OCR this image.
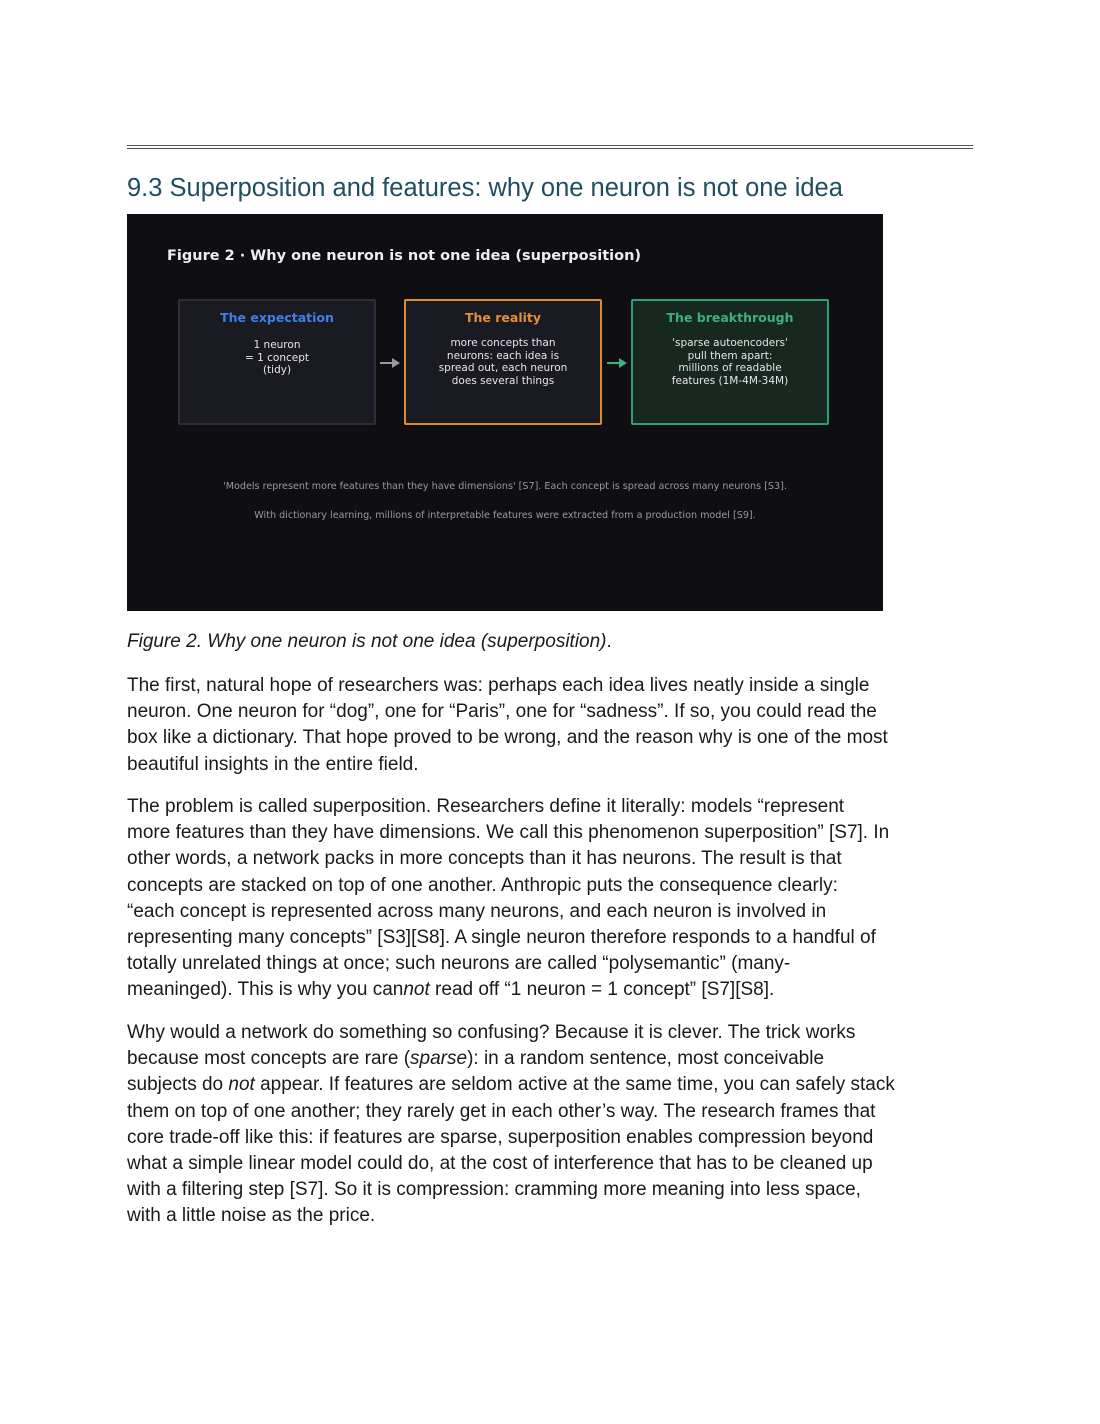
9.3 Superposition and features: why one neuron is not one idea
Figure 2 · Why one neuron is not one idea (superposition)
The expectation
1 neuron
= 1 concept
(tidy)
The reality
more concepts than
neurons: each idea is
spread out, each neuron
does several things
The breakthrough
'sparse autoencoders'
pull them apart:
millions of readable
features (1M-4M-34M)
'Models represent more features than they have dimensions' [S7]. Each concept is spread across many neurons [S3].
With dictionary learning, millions of interpretable features were extracted from a production model [S9].

Figure 2. Why one neuron is not one idea (superposition).

The first, natural hope of researchers was: perhaps each idea lives neatly inside a single
neuron. One neuron for “dog”, one for “Paris”, one for “sadness”. If so, you could read the
box like a dictionary. That hope proved to be wrong, and the reason why is one of the most
beautiful insights in the entire field.

The problem is called superposition. Researchers define it literally: models “represent
more features than they have dimensions. We call this phenomenon superposition” [S7]. In
other words, a network packs in more concepts than it has neurons. The result is that
concepts are stacked on top of one another. Anthropic puts the consequence clearly:
“each concept is represented across many neurons, and each neuron is involved in
representing many concepts” [S3][S8]. A single neuron therefore responds to a handful of
totally unrelated things at once; such neurons are called “polysemantic” (many-
meaninged). This is why you cannot read off “1 neuron = 1 concept” [S7][S8].

Why would a network do something so confusing? Because it is clever. The trick works
because most concepts are rare (sparse): in a random sentence, most conceivable
subjects do not appear. If features are seldom active at the same time, you can safely stack
them on top of one another; they rarely get in each other’s way. The research frames that
core trade-off like this: if features are sparse, superposition enables compression beyond
what a simple linear model could do, at the cost of interference that has to be cleaned up
with a filtering step [S7]. So it is compression: cramming more meaning into less space,
with a little noise as the price.
